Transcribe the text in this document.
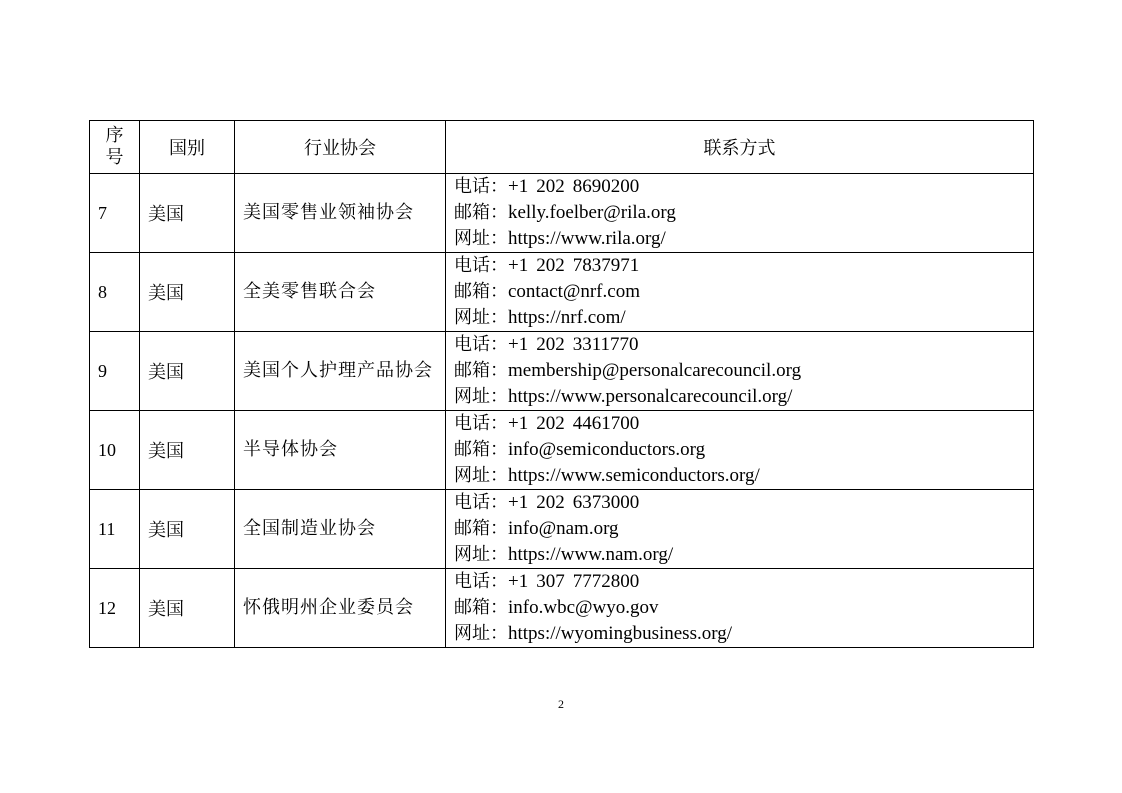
序
号	国别	行业协会	联系方式
7	美国	美国零售业领袖协会	电话：+1 202 8690200
邮箱：kelly.foelber@rila.org
网址：https://www.rila.org/

8	美国	全美零售联合会	电话：+1 202 7837971
邮箱：contact@nrf.com
网址：https://nrf.com/

9	美国	美国个人护理产品协会	电话：+1 202 3311770
邮箱：membership@personalcarecouncil.org
网址：https://www.personalcarecouncil.org/

10	美国	半导体协会	电话：+1 202 4461700
邮箱：info@semiconductors.org
网址：https://www.semiconductors.org/

11	美国	全国制造业协会	电话：+1 202 6373000
邮箱：info@nam.org
网址：https://www.nam.org/

12	美国	怀俄明州企业委员会	电话：+1 307 7772800
邮箱：info.wbc@wyo.gov
网址：https://wyomingbusiness.org/
2
